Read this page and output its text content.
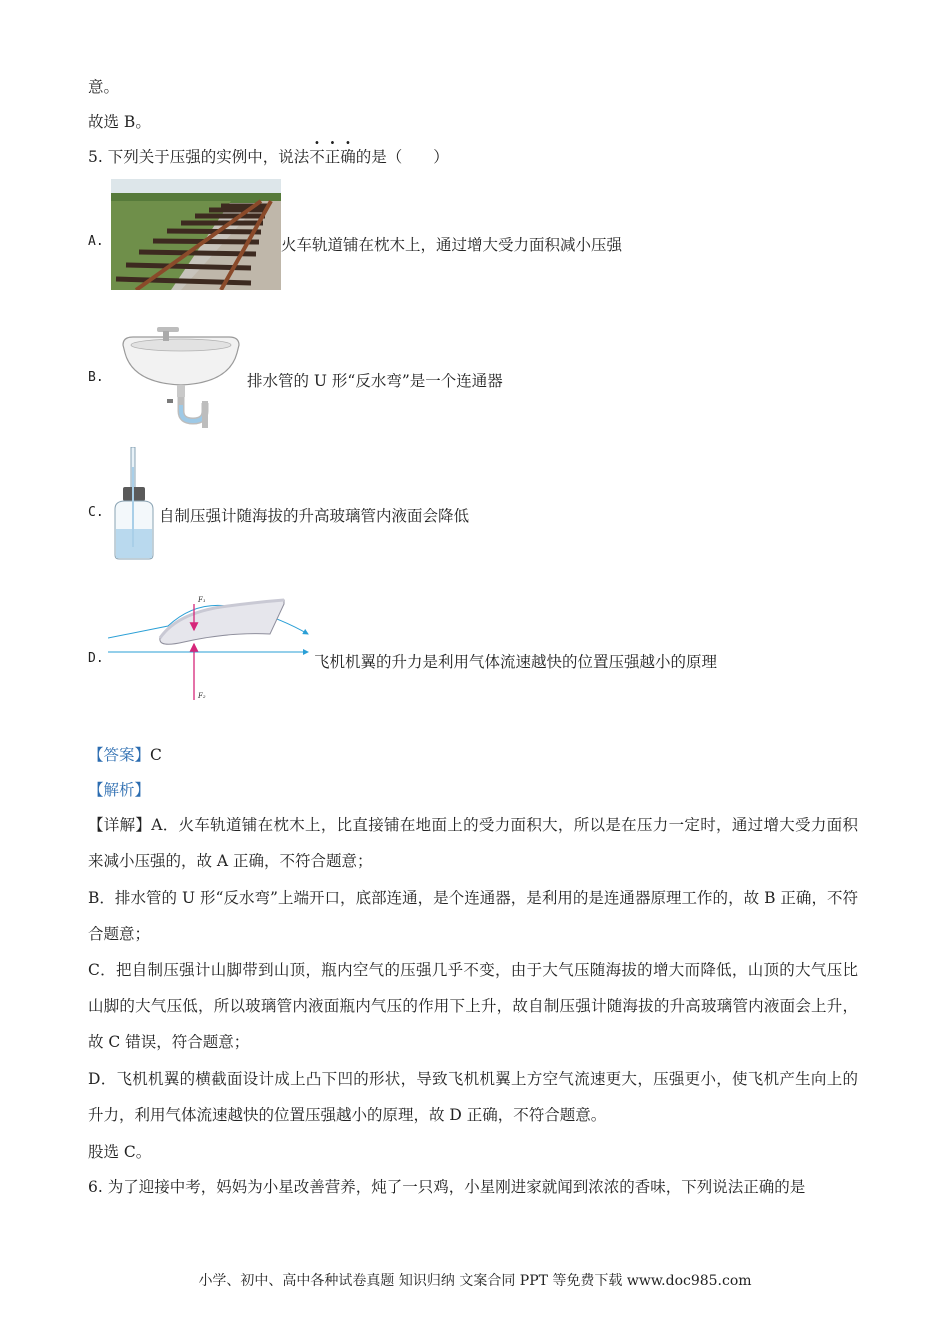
意。
故选 B。
5. 下列关于压强的实例中，说法不正确的是（　　）
A.	火车轨道铺在枕木上，通过增大受力面积减小压强
B.	排水管的 U 形“反水弯”是一个连通器
C.	自制压强计随海拔的升高玻璃管内液面会降低
D.
F₁
F₂
飞机机翼的升力是利用气体流速越快的位置压强越小的原理
【答案】C
【解析】
【详解】A．火车轨道铺在枕木上，比直接铺在地面上的受力面积大，所以是在压力一定时，通过增大受力面积来减小压强的，故 A 正确，不符合题意；
B．排水管的 U 形“反水弯”上端开口，底部连通，是个连通器，是利用的是连通器原理工作的，故 B 正确，不符合题意；
C．把自制压强计山脚带到山顶，瓶内空气的压强几乎不变，由于大气压随海拔的增大而降低，山顶的大气压比山脚的大气压低，所以玻璃管内液面瓶内气压的作用下上升，故自制压强计随海拔的升高玻璃管内液面会上升，故 C 错误，符合题意；
D．飞机机翼的横截面设计成上凸下凹的形状，导致飞机机翼上方空气流速更大，压强更小，使飞机产生向上的升力，利用气体流速越快的位置压强越小的原理，故 D 正确，不符合题意。
股选 C。
6. 为了迎接中考，妈妈为小星改善营养，炖了一只鸡，小星刚进家就闻到浓浓的香味，下列说法正确的是
小学、初中、高中各种试卷真题 知识归纳 文案合同 PPT 等免费下载 www.doc985.com
